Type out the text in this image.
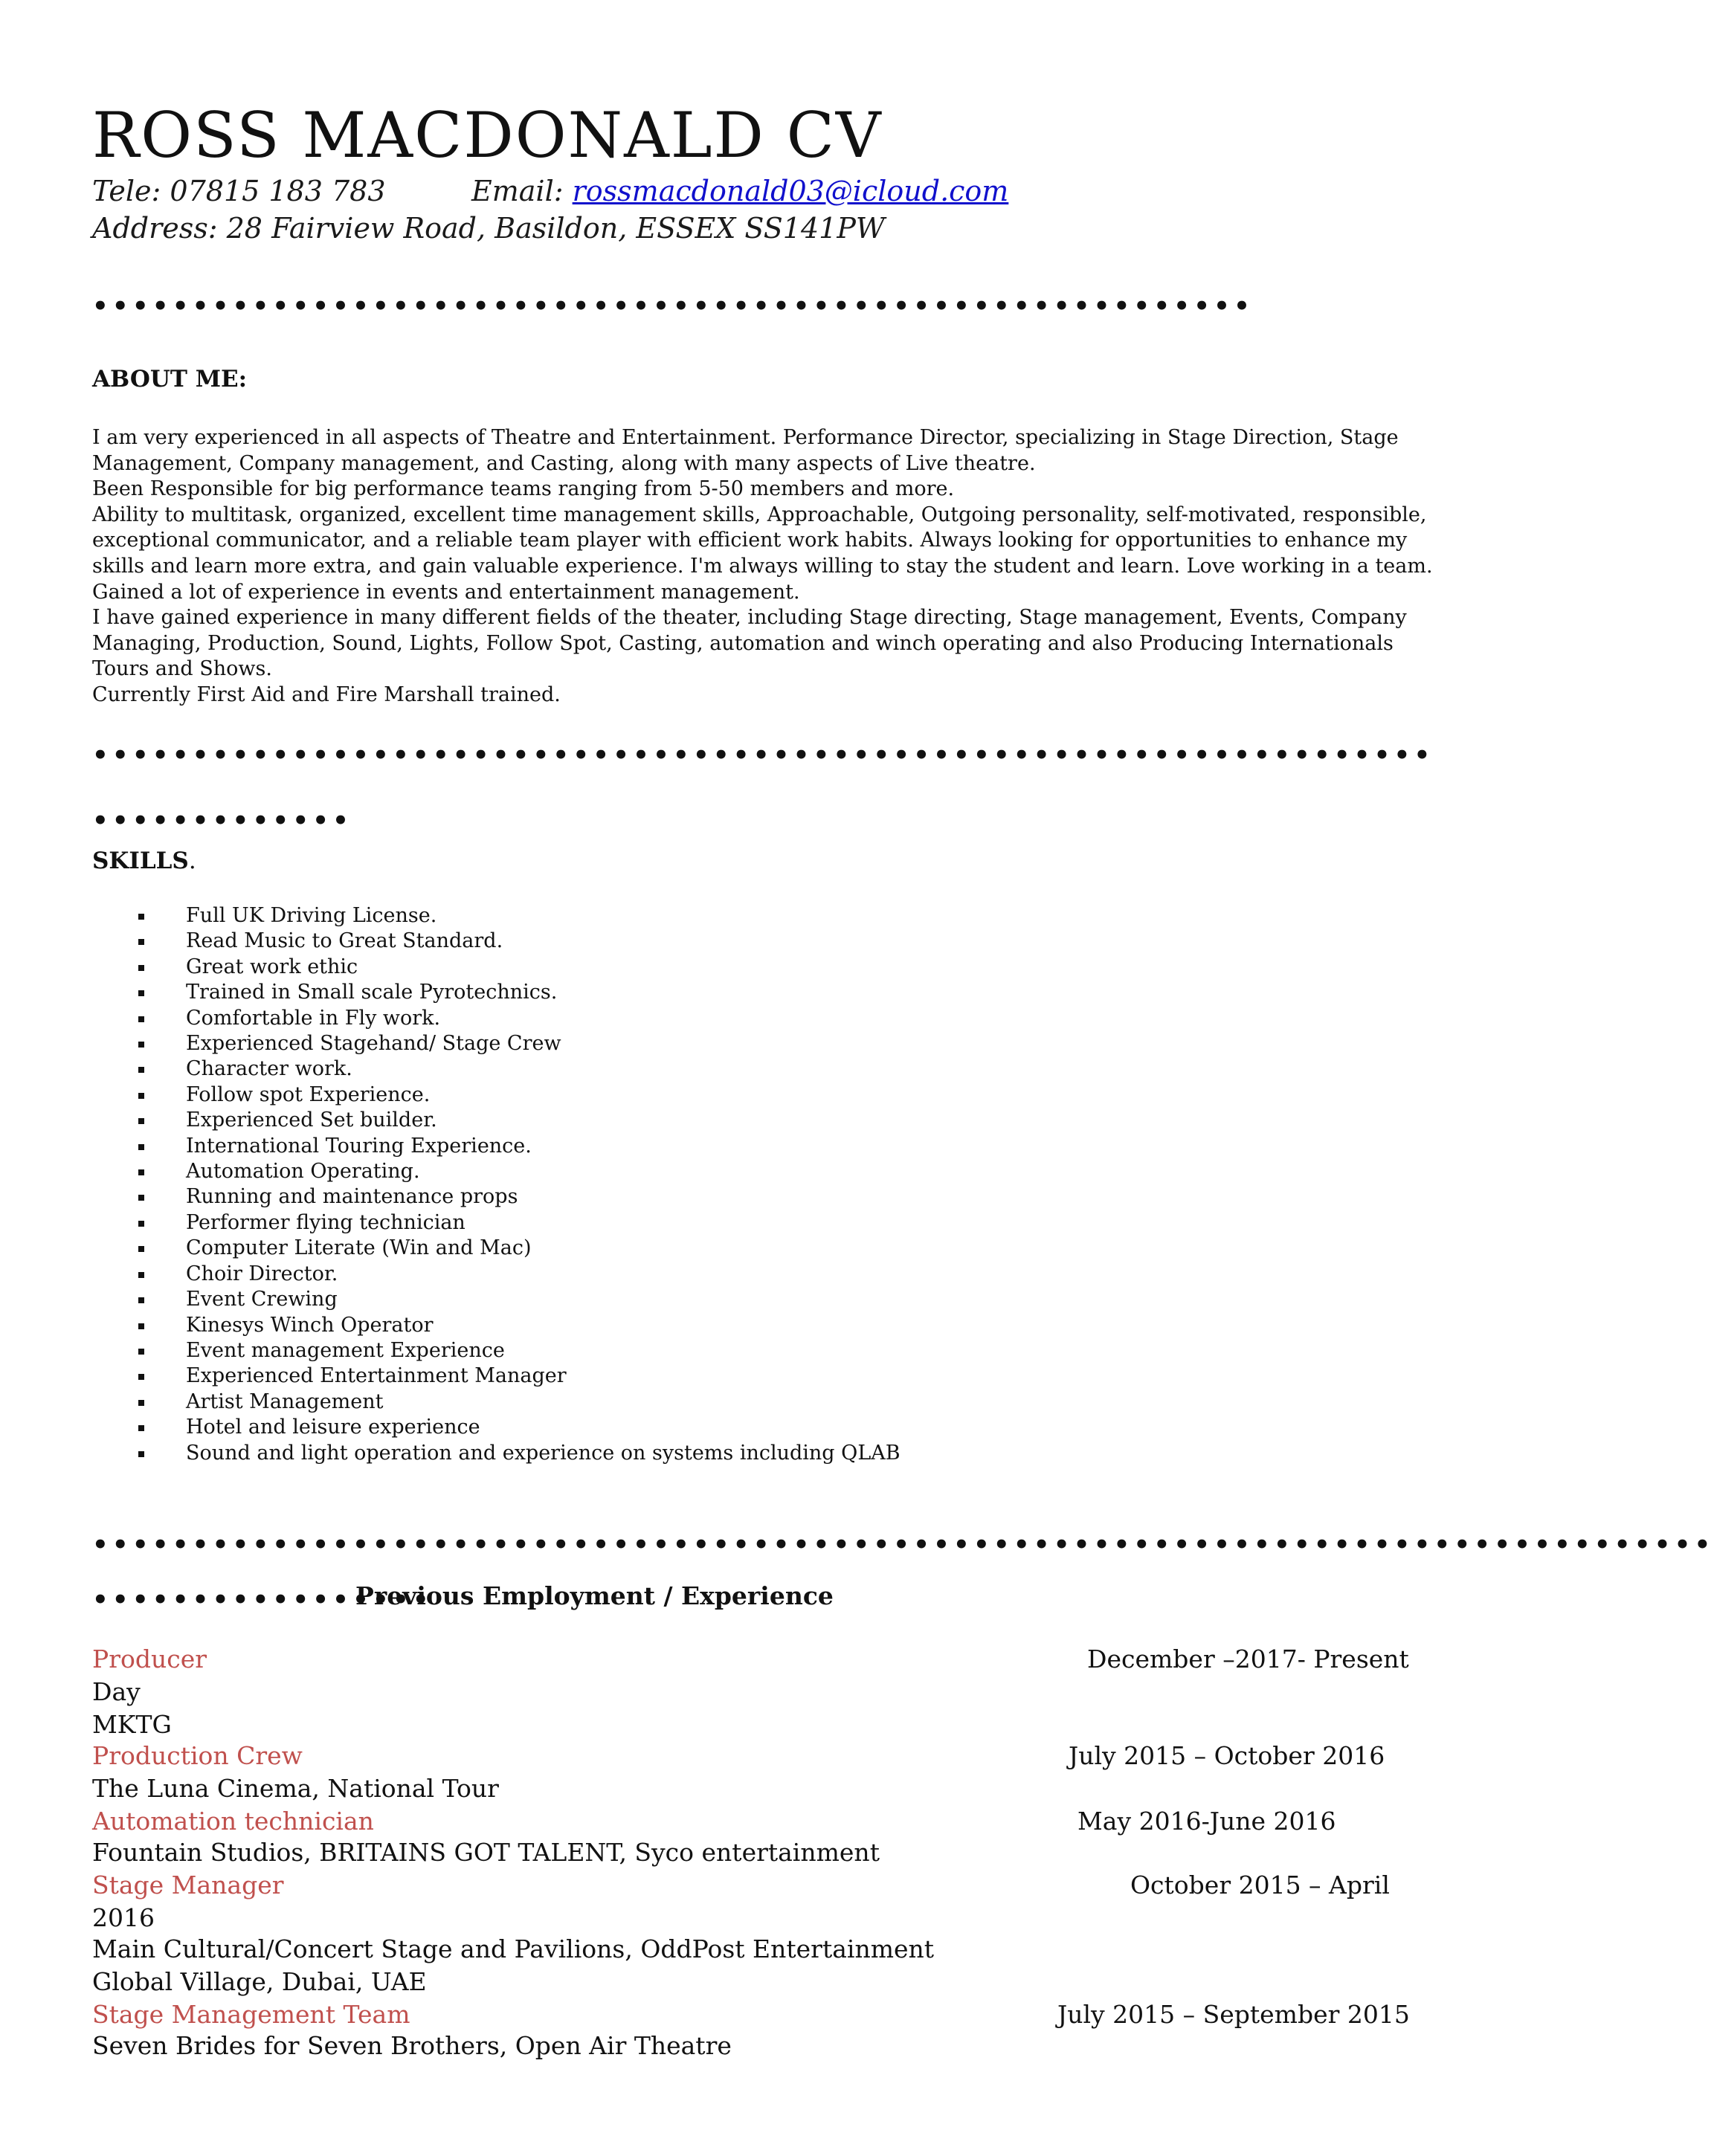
ROSS MACDONALD CV
Tele: 07815 183 783	Email: rossmacdonald03@icloud.com
Address: 28 Fairview Road, Basildon, ESSEX SS141PW
••••••••••••••••••••••••••••••••••••••••••••••••••••••••••
ABOUT ME:

I am very experienced in all aspects of Theatre and Entertainment. Performance Director, specializing in Stage Direction, Stage Management, Company management, and Casting, along with many aspects of Live theatre.

Been Responsible for big performance teams ranging from 5-50 members and more.

Ability to multitask, organized, excellent time management skills, Approachable, Outgoing personality, self-motivated, responsible, exceptional communicator, and a reliable team player with efficient work habits. Always looking for opportunities to enhance my skills and learn more extra, and gain valuable experience. I'm always willing to stay the student and learn. Love working in a team. Gained a lot of experience in events and entertainment management.

I have gained experience in many different fields of the theater, including Stage directing, Stage management, Events, Company Managing, Production, Sound, Lights, Follow Spot, Casting, automation and winch operating and also Producing Internationals Tours and Shows.

Currently First Aid and Fire Marshall trained.

•••••••••••••••••••••••••••••••••••••••••••••••••••••••••••••••••••
•••••••••••••
SKILLS.
Full UK Driving License.
Read Music to Great Standard.
Great work ethic
Trained in Small scale Pyrotechnics.
Comfortable in Fly work.
Experienced Stagehand/ Stage Crew
Character work.
Follow spot Experience.
Experienced Set builder.
International Touring Experience.
Automation Operating.
Running and maintenance props
Performer flying technician
Computer Literate (Win and Mac)
Choir Director.
Event Crewing
Kinesys Winch Operator
Event management Experience
Experienced Entertainment Manager
Artist Management
Hotel and leisure experience
Sound and light operation and experience on systems including QLAB
•••••••••••••••••••••••••••••••••••••••••••••••••••••••••••••••••••••••••••••••••
•••••••••••••••••
Previous Employment / Experience
Producer	December –2017- Present
Day
MKTG
Production Crew	July 2015 – October 2016
The Luna Cinema, National Tour
Automation technician	May 2016-June 2016
Fountain Studios, BRITAINS GOT TALENT, Syco entertainment
Stage Manager	October 2015 – April
2016
Main Cultural/Concert Stage and Pavilions, OddPost Entertainment
Global Village, Dubai, UAE
Stage Management Team	July 2015 – September 2015
Seven Brides for Seven Brothers, Open Air Theatre
